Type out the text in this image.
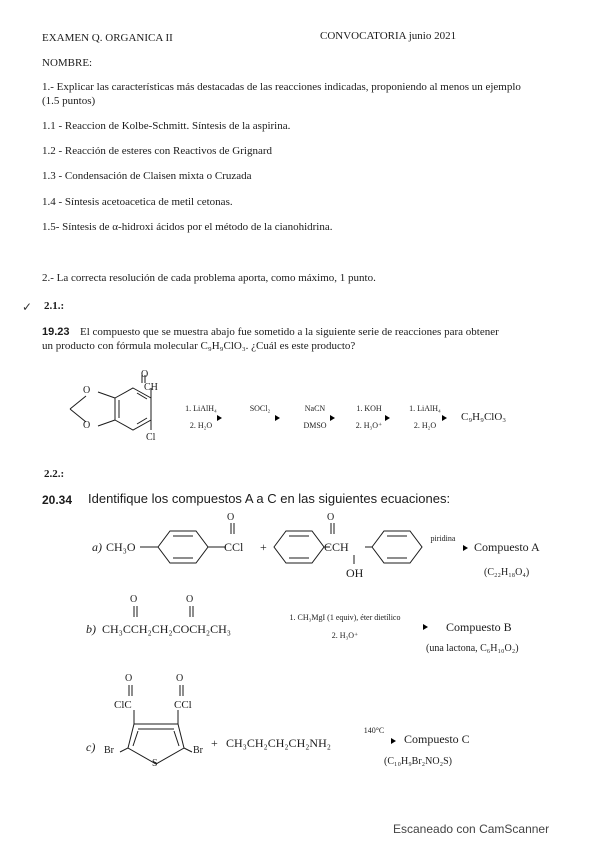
EXAMEN Q. ORGANICA II	CONVOCATORIA junio 2021
NOMBRE:
1.- Explicar las características más destacadas de las reacciones indicadas, proponiendo al menos un ejemplo
(1.5 puntos)
1.1 - Reaccion de Kolbe-Schmitt. Síntesis de la aspirina.
1.2 - Reacción de esteres con Reactivos de Grignard
1.3 - Condensación de Claisen mixta o Cruzada
1.4 - Síntesis acetoacetica de metil cetonas.
1.5- Síntesis de α-hidroxi ácidos por el método de la cianohidrina.
2.- La correcta resolución de cada problema aporta, como máximo, 1 punto.
✓ 2.1.:
19.23 El compuesto que se muestra abajo fue sometido a la siguiente serie de reacciones para obtener
un producto con fórmula molecular C₉H₉ClO₃. ¿Cuál es este producto?
O
CH
O
O
Cl
1. LiAlH₄
2. H₂O
SOCl₂	NaCN
DMSO
1. KOH
2. H₃O⁺
1. LiAlH₄
2. H₂O
C₉H₉ClO₃
2.2.:
20.34 Identifique los compuestos A a C en las siguientes ecuaciones:
a) CH₃O
O
CCl +
O
CCH
OH
piridina
→ Compuesto A
(C₂₂H₁₈O₄)
b)
O	O
CH₃CCH₂CH₂COCH₂CH₃
1. CH₃MgI (1 equiv), éter dietílico
2. H₃O⁺
Compuesto B
(una lactona, C₆H₁₀O₂)
O	O
ClC	CCl
c) Br
S
Br
+ CH₃CH₂CH₂CH₂NH₂
140°C
→ Compuesto C
(C₁₀H₉Br₂NO₂S)
Escaneado con CamScanner
